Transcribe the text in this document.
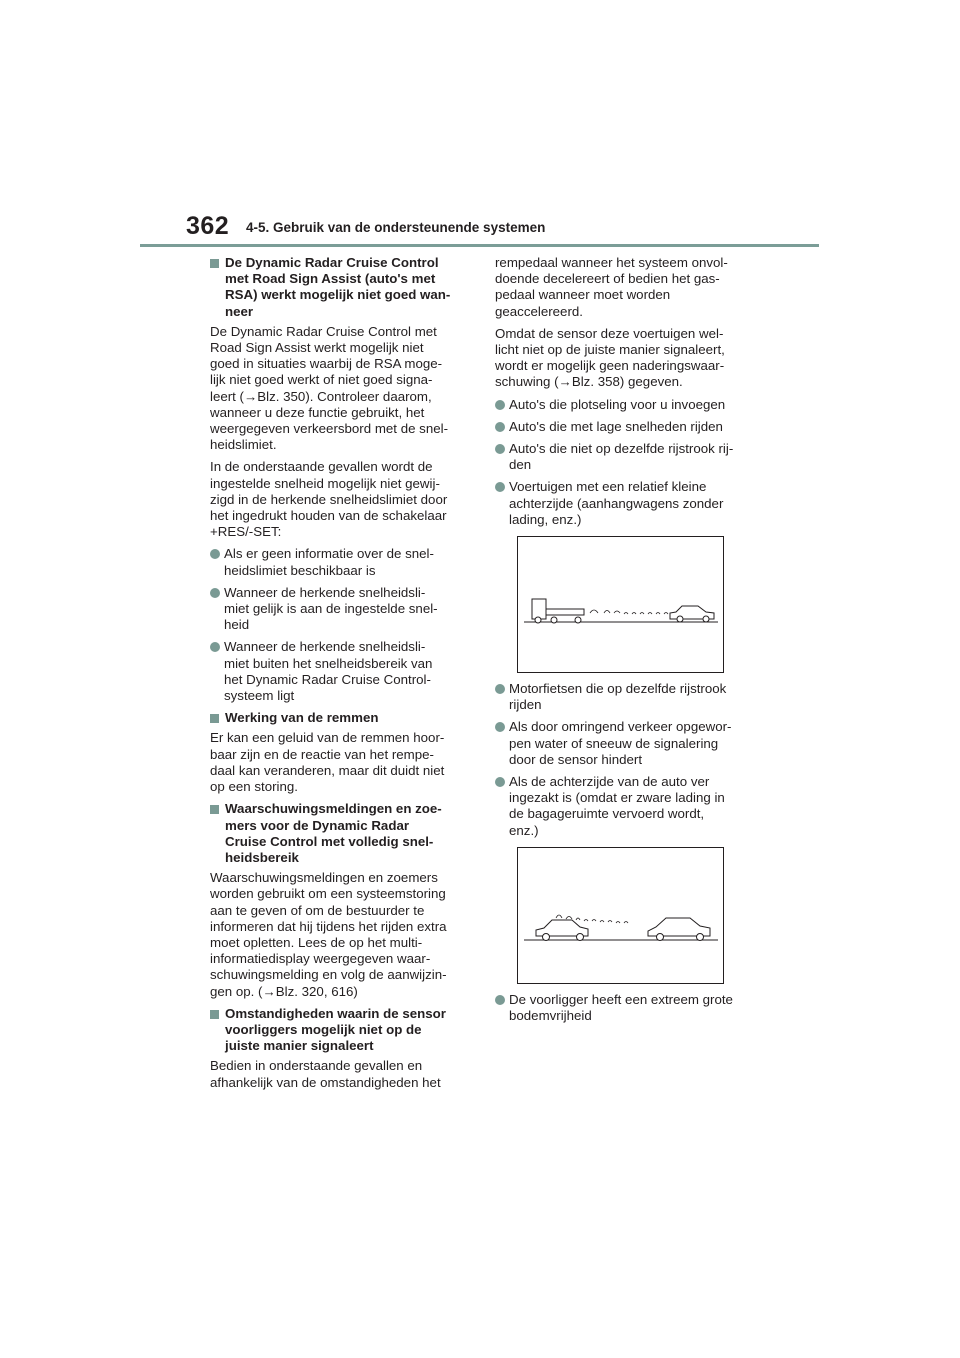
362 4-5. Gebruik van de ondersteunende systemen
De Dynamic Radar Cruise Control
met Road Sign Assist (auto's met
RSA) werkt mogelijk niet goed wan-
neer
De Dynamic Radar Cruise Control met
Road Sign Assist werkt mogelijk niet
goed in situaties waarbij de RSA moge-
lijk niet goed werkt of niet goed signa-
leert (→Blz. 350). Controleer daarom,
wanneer u deze functie gebruikt, het
weergegeven verkeersbord met de snel-
heidslimiet.
In de onderstaande gevallen wordt de
ingestelde snelheid mogelijk niet gewij-
zigd in de herkende snelheidslimiet door
het ingedrukt houden van de schakelaar
+RES/-SET:
Als er geen informatie over de snel-
heidslimiet beschikbaar is
Wanneer de herkende snelheidsli-
miet gelijk is aan de ingestelde snel-
heid
Wanneer de herkende snelheidsli-
miet buiten het snelheidsbereik van
het Dynamic Radar Cruise Control-
systeem ligt
Werking van de remmen
Er kan een geluid van de remmen hoor-
baar zijn en de reactie van het rempe-
daal kan veranderen, maar dit duidt niet
op een storing.
Waarschuwingsmeldingen en zoe-
mers voor de Dynamic Radar
Cruise Control met volledig snel-
heidsbereik
Waarschuwingsmeldingen en zoemers
worden gebruikt om een systeemstoring
aan te geven of om de bestuurder te
informeren dat hij tijdens het rijden extra
moet opletten. Lees de op het multi-
informatiedisplay weergegeven waar-
schuwingsmelding en volg de aanwijzin-
gen op. (→Blz. 320, 616)
Omstandigheden waarin de sensor
voorliggers mogelijk niet op de
juiste manier signaleert
Bedien in onderstaande gevallen en
afhankelijk van de omstandigheden het
rempedaal wanneer het systeem onvol-
doende decelereert of bedien het gas-
pedaal wanneer moet worden
geaccelereerd.
Omdat de sensor deze voertuigen wel-
licht niet op de juiste manier signaleert,
wordt er mogelijk geen naderingswaar-
schuwing (→Blz. 358) gegeven.
Auto's die plotseling voor u invoegen
Auto's die met lage snelheden rijden
Auto's die niet op dezelfde rijstrook rij-
den
Voertuigen met een relatief kleine
achterzijde (aanhangwagens zonder
lading, enz.)
Motorfietsen die op dezelfde rijstrook
rijden
Als door omringend verkeer opgewor-
pen water of sneeuw de signalering
door de sensor hindert
Als de achterzijde van de auto ver
ingezakt is (omdat er zware lading in
de bagageruimte vervoerd wordt,
enz.)
De voorligger heeft een extreem grote
bodemvrijheid
